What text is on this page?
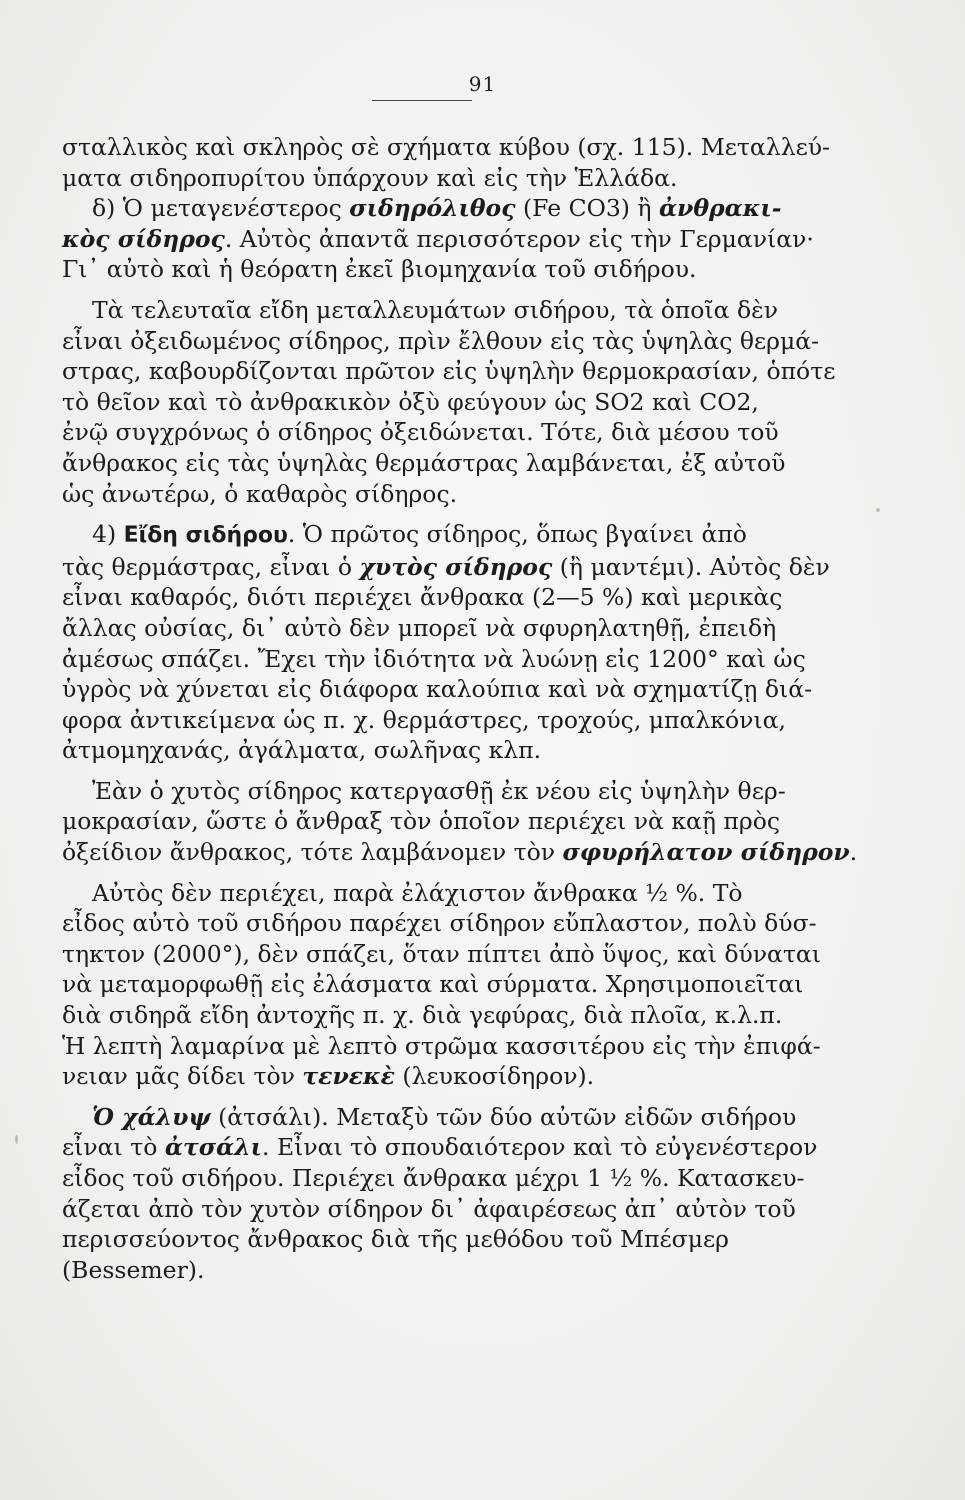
91
σταλλικὸς καὶ σκληρὸς σὲ σχήματα κύβου (σχ. 115). Μεταλλεύ-
ματα σιδηροπυρίτου ὑπάρχουν καὶ εἰς τὴν Ἑλλάδα.
δ) Ὁ μεταγενέστερος σιδηρόλιθος (Fe CO3) ἢ ἀνθρακι-
κὸς σίδηρος. Αὐτὸς ἀπαντᾶ περισσότερον εἰς τὴν Γερμανίαν·
Γι᾽ αὐτὸ καὶ ἡ θεόρατη ἐκεῖ βιομηχανία τοῦ σιδήρου.
Τὰ τελευταῖα εἴδη μεταλλευμάτων σιδήρου, τὰ ὁποῖα δὲν
εἶναι ὀξειδωμένος σίδηρος, πρὶν ἔλθουν εἰς τὰς ὑψηλὰς θερμά-
στρας, καβουρδίζονται πρῶτον εἰς ὑψηλὴν θερμοκρασίαν, ὁπότε
τὸ θεῖον καὶ τὸ ἀνθρακικὸν ὀξὺ φεύγουν ὡς SO2 καὶ CO2,
ἐνῷ συγχρόνως ὁ σίδηρος ὀξειδώνεται. Τότε, διὰ μέσου τοῦ
ἄνθρακος εἰς τὰς ὑψηλὰς θερμάστρας λαμβάνεται, ἐξ αὐτοῦ
ὡς ἀνωτέρω, ὁ καθαρὸς σίδηρος.
4) Εἴδη σιδήρου. Ὁ πρῶτος σίδηρος, ὅπως βγαίνει ἀπὸ
τὰς θερμάστρας, εἶναι ὁ χυτὸς σίδηρος (ἢ μαντέμι). Αὐτὸς δὲν
εἶναι καθαρός, διότι περιέχει ἄνθρακα (2—5 %) καὶ μερικὰς
ἄλλας οὐσίας, δι᾽ αὐτὸ δὲν μπορεῖ νὰ σφυρηλατηθῇ, ἐπειδὴ
ἀμέσως σπάζει. Ἔχει τὴν ἰδιότητα νὰ λυώνῃ εἰς 1200° καὶ ὡς
ὑγρὸς νὰ χύνεται εἰς διάφορα καλούπια καὶ νὰ σχηματίζῃ διά-
φορα ἀντικείμενα ὡς π. χ. θερμάστρες, τροχούς, μπαλκόνια,
ἀτμομηχανάς, ἀγάλματα, σωλῆνας κλπ.
Ἐὰν ὁ χυτὸς σίδηρος κατεργασθῇ ἐκ νέου εἰς ὑψηλὴν θερ-
μοκρασίαν, ὥστε ὁ ἄνθραξ τὸν ὁποῖον περιέχει νὰ καῇ πρὸς
ὀξείδιον ἄνθρακος, τότε λαμβάνομεν τὸν σφυρήλατον σίδηρον.
Αὐτὸς δὲν περιέχει, παρὰ ἐλάχιστον ἄνθρακα ½ %. Τὸ
εἶδος αὐτὸ τοῦ σιδήρου παρέχει σίδηρον εὔπλαστον, πολὺ δύσ-
τηκτον (2000°), δὲν σπάζει, ὅταν πίπτει ἀπὸ ὕψος, καὶ δύναται
νὰ μεταμορφωθῇ εἰς ἐλάσματα καὶ σύρματα. Χρησιμοποιεῖται
διὰ σιδηρᾶ εἴδη ἀντοχῆς π. χ. διὰ γεφύρας, διὰ πλοῖα, κ.λ.π.
Ἡ λεπτὴ λαμαρίνα μὲ λεπτὸ στρῶμα κασσιτέρου εἰς τὴν ἐπιφά-
νειαν μᾶς δίδει τὸν τενεκὲ (λευκοσίδηρον).
Ὁ χάλυψ (ἀτσάλι). Μεταξὺ τῶν δύο αὐτῶν εἰδῶν σιδήρου
εἶναι τὸ ἀτσάλι. Εἶναι τὸ σπουδαιότερον καὶ τὸ εὐγενέστερον
εἶδος τοῦ σιδήρου. Περιέχει ἄνθρακα μέχρι 1 ½ %. Κατασκευ-
άζεται ἀπὸ τὸν χυτὸν σίδηρον δι᾽ ἀφαιρέσεως ἀπ᾽ αὐτὸν τοῦ
περισσεύοντος ἄνθρακος διὰ τῆς μεθόδου τοῦ Μπέσμερ
(Bessemer).
